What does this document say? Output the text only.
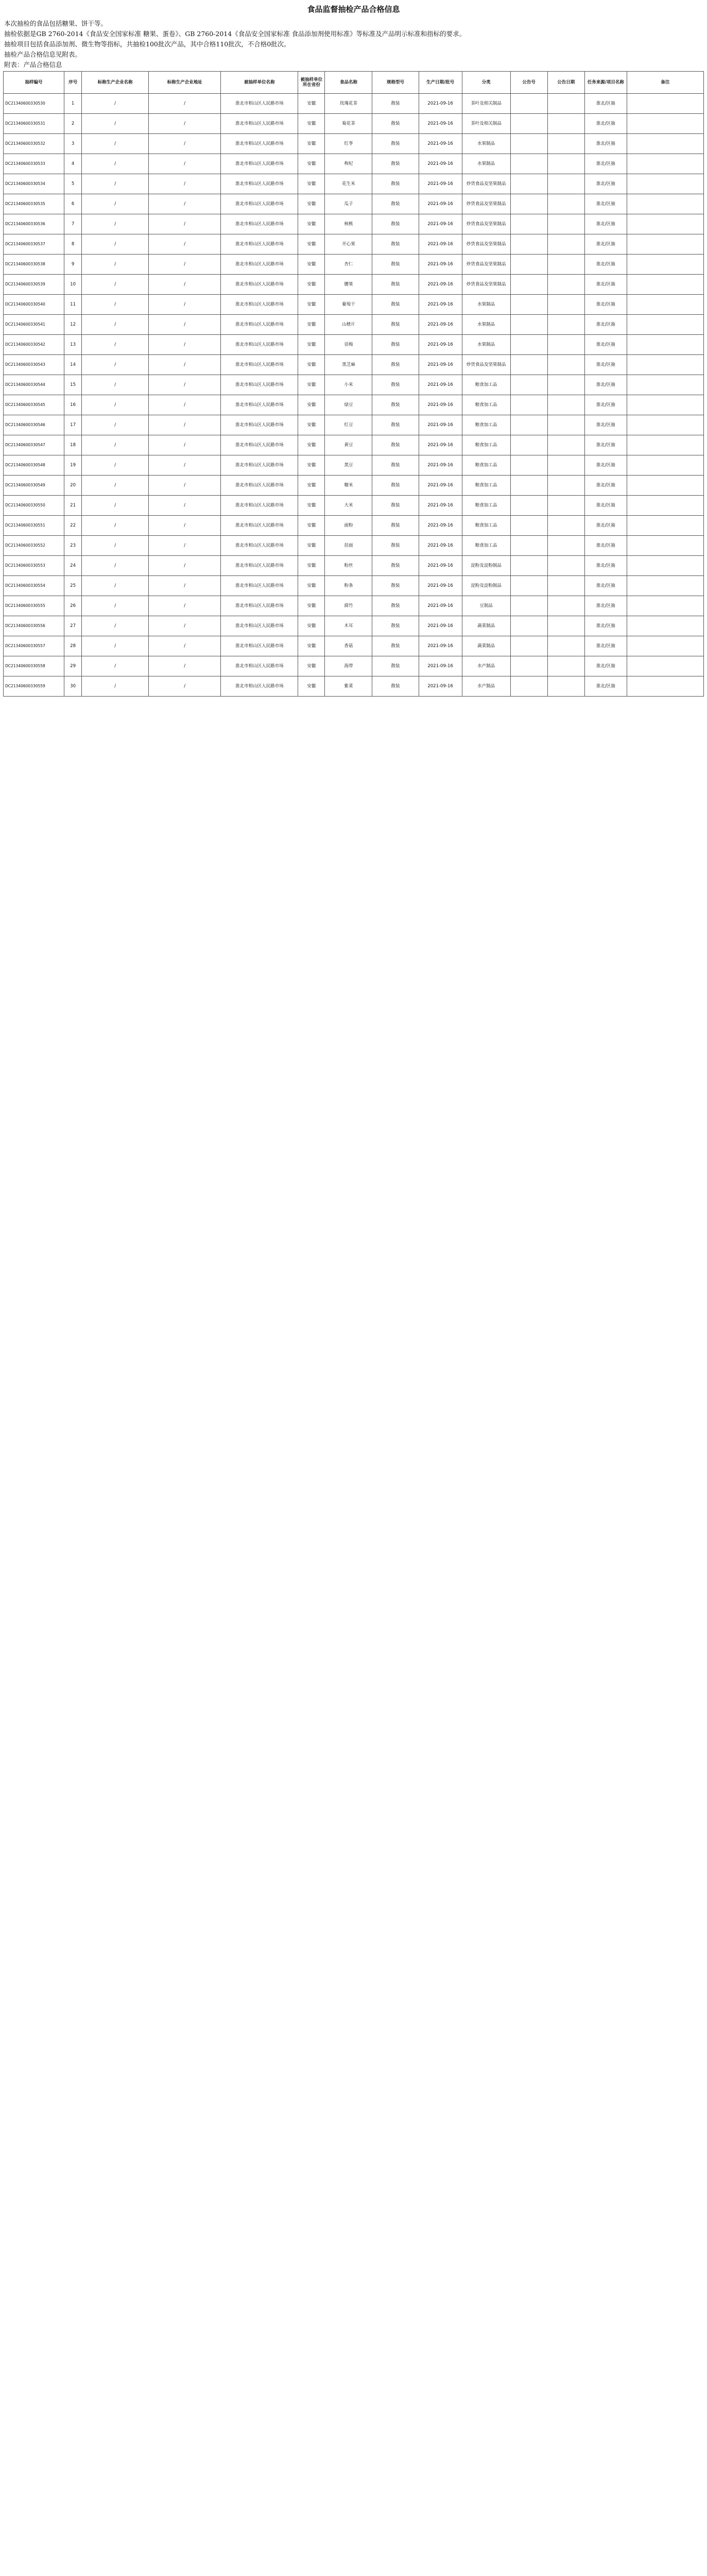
食品监督抽检产品合格信息
本次抽检的食品包括糖果、饼干等。
抽检依据是GB 2760-2014《食品安全国家标准 糖果、蛋卷》、GB 2760-2014《食品安全国家标准 食品添加剂使用标准》等标准及产品明示标准和指标的要求。
抽检项目包括食品添加剂、微生物等指标，共抽检100批次产品，其中合格110批次，不合格0批次。
抽检产品合格信息见附表。
附表：产品合格信息
抽样编号	序号	标称生产企业名称	标称生产企业地址	被抽样单位名称	被抽样单位所在省份	食品名称	规格型号	生产日期/批号	分类	公告号	公告日期	任务来源/项目名称	备注
DC21340600330530	1	/	/	淮北市相山区人民路市场	安徽	玫瑰花茶	散装	2021-09-16	茶叶及相关制品			淮北/区抽	
DC21340600330531	2	/	/	淮北市相山区人民路市场	安徽	菊花茶	散装	2021-09-16	茶叶及相关制品			淮北/区抽	
DC21340600330532	3	/	/	淮北市相山区人民路市场	安徽	红枣	散装	2021-09-16	水果制品			淮北/区抽	
DC21340600330533	4	/	/	淮北市相山区人民路市场	安徽	枸杞	散装	2021-09-16	水果制品			淮北/区抽	
DC21340600330534	5	/	/	淮北市相山区人民路市场	安徽	花生米	散装	2021-09-16	炒货食品及坚果制品			淮北/区抽	
DC21340600330535	6	/	/	淮北市相山区人民路市场	安徽	瓜子	散装	2021-09-16	炒货食品及坚果制品			淮北/区抽	
DC21340600330536	7	/	/	淮北市相山区人民路市场	安徽	核桃	散装	2021-09-16	炒货食品及坚果制品			淮北/区抽	
DC21340600330537	8	/	/	淮北市相山区人民路市场	安徽	开心果	散装	2021-09-16	炒货食品及坚果制品			淮北/区抽	
DC21340600330538	9	/	/	淮北市相山区人民路市场	安徽	杏仁	散装	2021-09-16	炒货食品及坚果制品			淮北/区抽	
DC21340600330539	10	/	/	淮北市相山区人民路市场	安徽	腰果	散装	2021-09-16	炒货食品及坚果制品			淮北/区抽	
DC21340600330540	11	/	/	淮北市相山区人民路市场	安徽	葡萄干	散装	2021-09-16	水果制品			淮北/区抽	
DC21340600330541	12	/	/	淮北市相山区人民路市场	安徽	山楂片	散装	2021-09-16	水果制品			淮北/区抽	
DC21340600330542	13	/	/	淮北市相山区人民路市场	安徽	话梅	散装	2021-09-16	水果制品			淮北/区抽	
DC21340600330543	14	/	/	淮北市相山区人民路市场	安徽	黑芝麻	散装	2021-09-16	炒货食品及坚果制品			淮北/区抽	
DC21340600330544	15	/	/	淮北市相山区人民路市场	安徽	小米	散装	2021-09-16	粮食加工品			淮北/区抽	
DC21340600330545	16	/	/	淮北市相山区人民路市场	安徽	绿豆	散装	2021-09-16	粮食加工品			淮北/区抽	
DC21340600330546	17	/	/	淮北市相山区人民路市场	安徽	红豆	散装	2021-09-16	粮食加工品			淮北/区抽	
DC21340600330547	18	/	/	淮北市相山区人民路市场	安徽	黄豆	散装	2021-09-16	粮食加工品			淮北/区抽	
DC21340600330548	19	/	/	淮北市相山区人民路市场	安徽	黑豆	散装	2021-09-16	粮食加工品			淮北/区抽	
DC21340600330549	20	/	/	淮北市相山区人民路市场	安徽	糯米	散装	2021-09-16	粮食加工品			淮北/区抽	
DC21340600330550	21	/	/	淮北市相山区人民路市场	安徽	大米	散装	2021-09-16	粮食加工品			淮北/区抽	
DC21340600330551	22	/	/	淮北市相山区人民路市场	安徽	面粉	散装	2021-09-16	粮食加工品			淮北/区抽	
DC21340600330552	23	/	/	淮北市相山区人民路市场	安徽	挂面	散装	2021-09-16	粮食加工品			淮北/区抽	
DC21340600330553	24	/	/	淮北市相山区人民路市场	安徽	粉丝	散装	2021-09-16	淀粉及淀粉制品			淮北/区抽	
DC21340600330554	25	/	/	淮北市相山区人民路市场	安徽	粉条	散装	2021-09-16	淀粉及淀粉制品			淮北/区抽	
DC21340600330555	26	/	/	淮北市相山区人民路市场	安徽	腐竹	散装	2021-09-16	豆制品			淮北/区抽	
DC21340600330556	27	/	/	淮北市相山区人民路市场	安徽	木耳	散装	2021-09-16	蔬菜制品			淮北/区抽	
DC21340600330557	28	/	/	淮北市相山区人民路市场	安徽	香菇	散装	2021-09-16	蔬菜制品			淮北/区抽	
DC21340600330558	29	/	/	淮北市相山区人民路市场	安徽	海带	散装	2021-09-16	水产制品			淮北/区抽	
DC21340600330559	30	/	/	淮北市相山区人民路市场	安徽	紫菜	散装	2021-09-16	水产制品			淮北/区抽	
